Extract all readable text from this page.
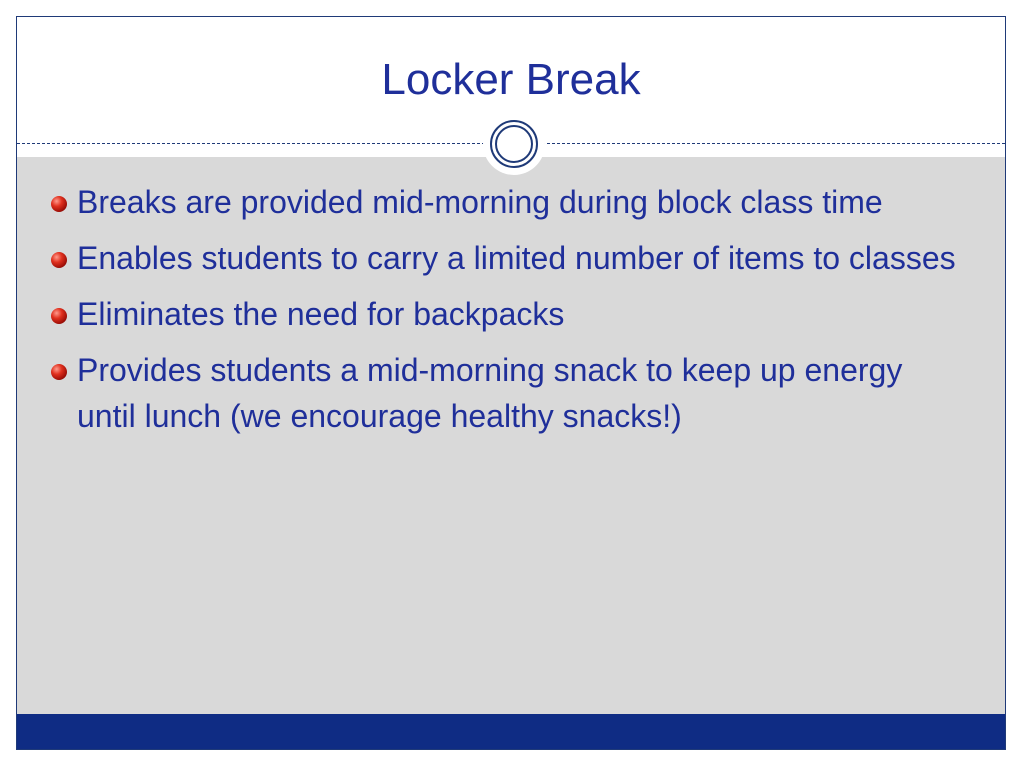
Locker Break
Breaks are provided mid-morning during block class time
Enables students to carry a limited number of items to classes
Eliminates the need for backpacks
Provides students a mid-morning snack to keep up energy until lunch (we encourage healthy snacks!)
